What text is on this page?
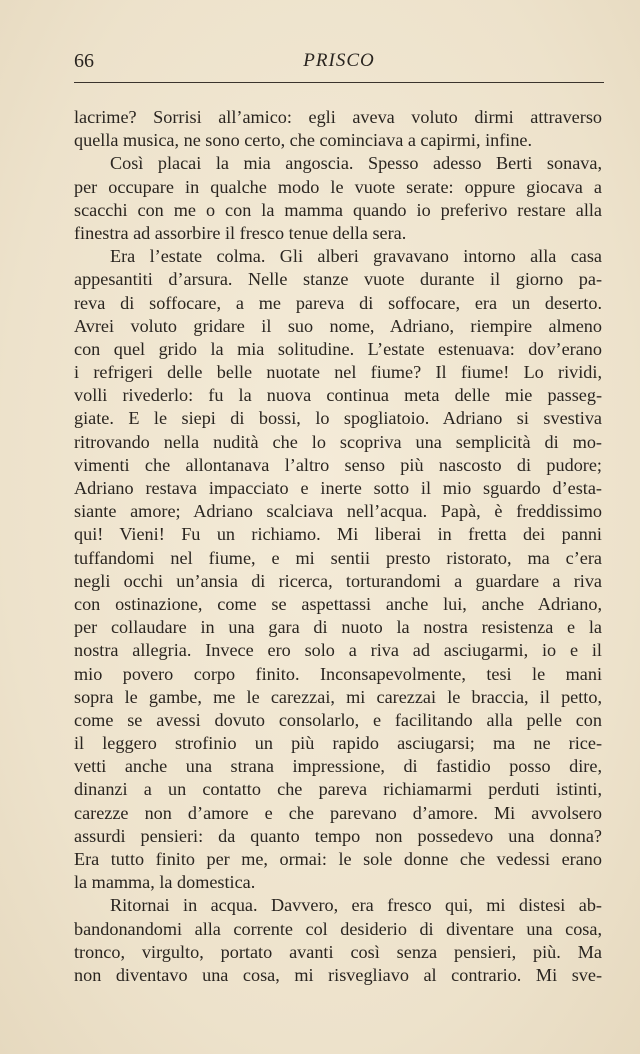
66	PRISCO
lacrime? Sorrisi all’amico: egli aveva voluto dirmi attraverso
quella musica, ne sono certo, che cominciava a capirmi, infine.
Così placai la mia angoscia. Spesso adesso Berti sonava,
per occupare in qualche modo le vuote serate: oppure giocava a
scacchi con me o con la mamma quando io preferivo restare alla
finestra ad assorbire il fresco tenue della sera.
Era l’estate colma. Gli alberi gravavano intorno alla casa
appesantiti d’arsura. Nelle stanze vuote durante il giorno pa-
reva di soffocare, a me pareva di soffocare, era un deserto.
Avrei voluto gridare il suo nome, Adriano, riempire almeno
con quel grido la mia solitudine. L’estate estenuava: dov’erano
i refrigeri delle belle nuotate nel fiume? Il fiume! Lo rividi,
volli rivederlo: fu la nuova continua meta delle mie passeg-
giate. E le siepi di bossi, lo spogliatoio. Adriano si svestiva
ritrovando nella nudità che lo scopriva una semplicità di mo-
vimenti che allontanava l’altro senso più nascosto di pudore;
Adriano restava impacciato e inerte sotto il mio sguardo d’esta-
siante amore; Adriano scalciava nell’acqua. Papà, è freddissimo
qui! Vieni! Fu un richiamo. Mi liberai in fretta dei panni
tuffandomi nel fiume, e mi sentii presto ristorato, ma c’era
negli occhi un’ansia di ricerca, torturandomi a guardare a riva
con ostinazione, come se aspettassi anche lui, anche Adriano,
per collaudare in una gara di nuoto la nostra resistenza e la
nostra allegria. Invece ero solo a riva ad asciugarmi, io e il
mio povero corpo finito. Inconsapevolmente, tesi le mani
sopra le gambe, me le carezzai, mi carezzai le braccia, il petto,
come se avessi dovuto consolarlo, e facilitando alla pelle con
il leggero strofinio un più rapido asciugarsi; ma ne rice-
vetti anche una strana impressione, di fastidio posso dire,
dinanzi a un contatto che pareva richiamarmi perduti istinti,
carezze non d’amore e che parevano d’amore. Mi avvolsero
assurdi pensieri: da quanto tempo non possedevo una donna?
Era tutto finito per me, ormai: le sole donne che vedessi erano
la mamma, la domestica.
Ritornai in acqua. Davvero, era fresco qui, mi distesi ab-
bandonandomi alla corrente col desiderio di diventare una cosa,
tronco, virgulto, portato avanti così senza pensieri, più. Ma
non diventavo una cosa, mi risvegliavo al contrario. Mi sve-
